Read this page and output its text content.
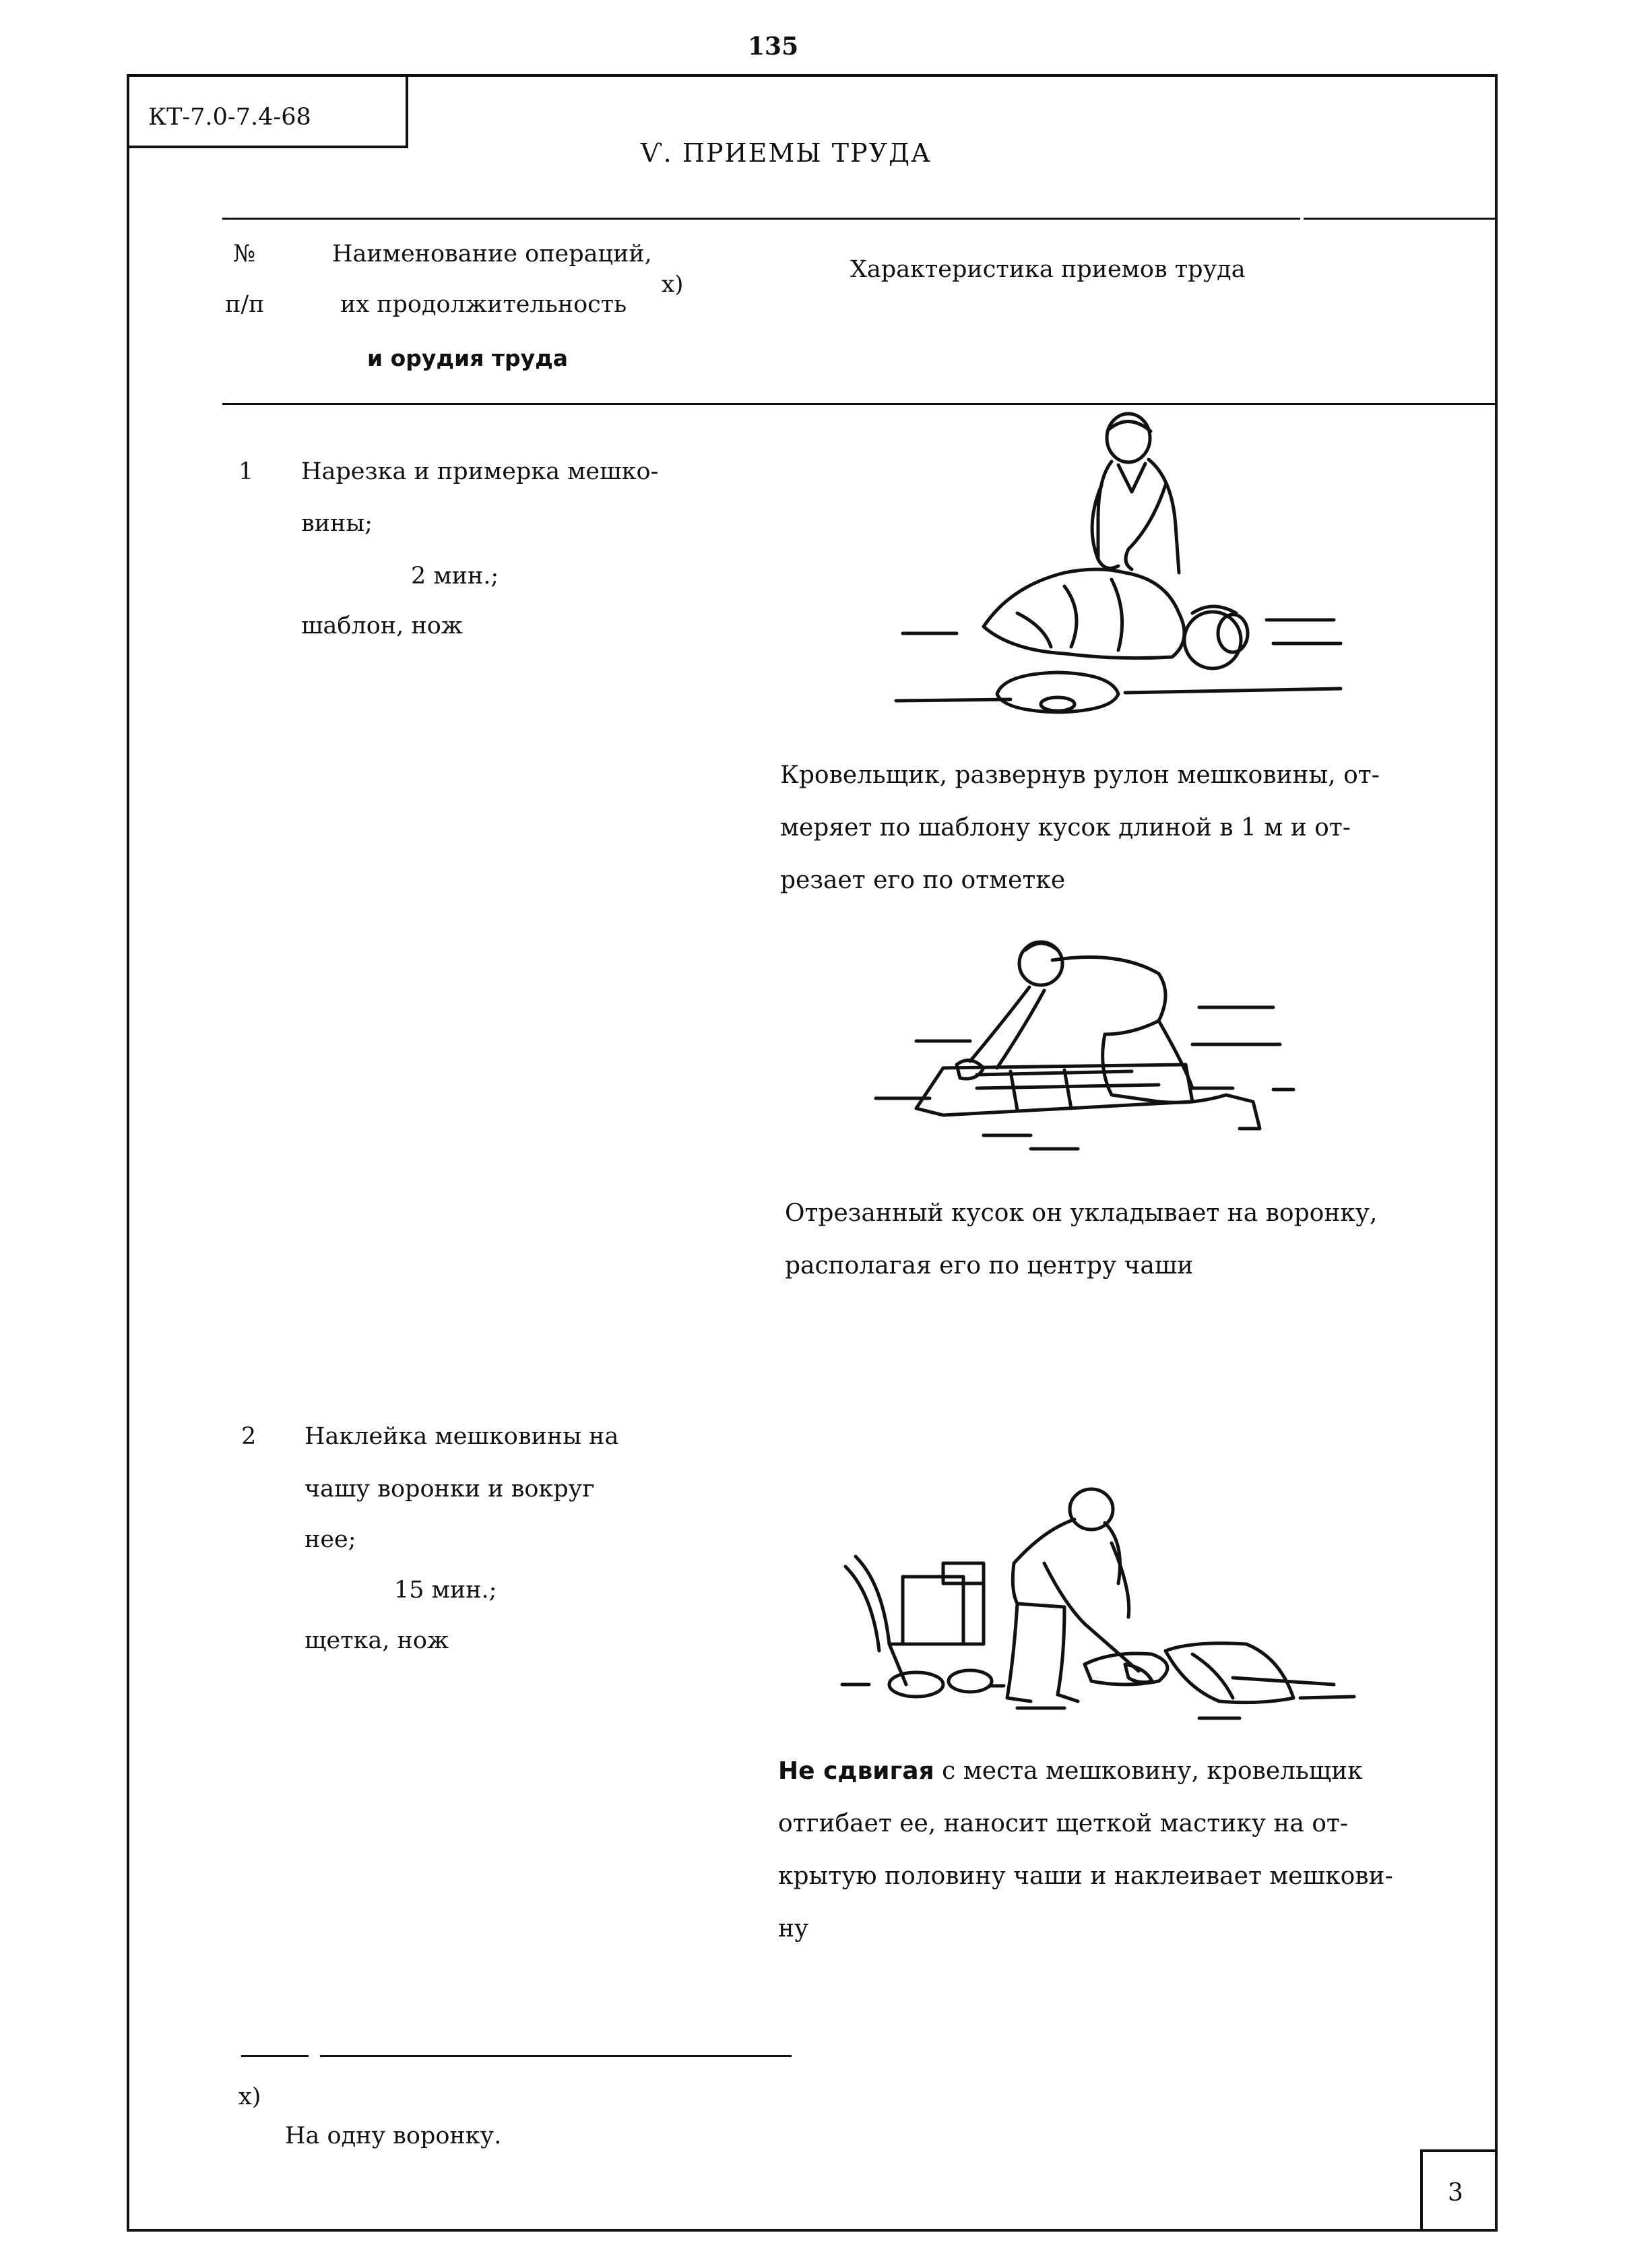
135
КТ-7.0-7.4-68
Ѵ. ПРИЕМЫ ТРУДА
№
п/п
Наименование операций,
их продолжительность
х)
и орудия труда
Характеристика приемов труда
1 Нарезка и примерка мешко-
вины;
2 мин.;
шаблон, нож
2 Наклейка мешковины на
чашу воронки и вокруг
нее;
15 мин.;
щетка, нож
Кровельщик, развернув рулон мешковины, от-
меряет по шаблону кусок длиной в 1 м и от-
резает его по отметке
Отрезанный кусок он укладывает на воронку,
располагая его по центру чаши
Не сдвигая с места мешковину, кровельщик
отгибает ее, наносит щеткой мастику на от-
крытую половину чаши и наклеивает мешкови-
ну
х)
На одну воронку.
3
